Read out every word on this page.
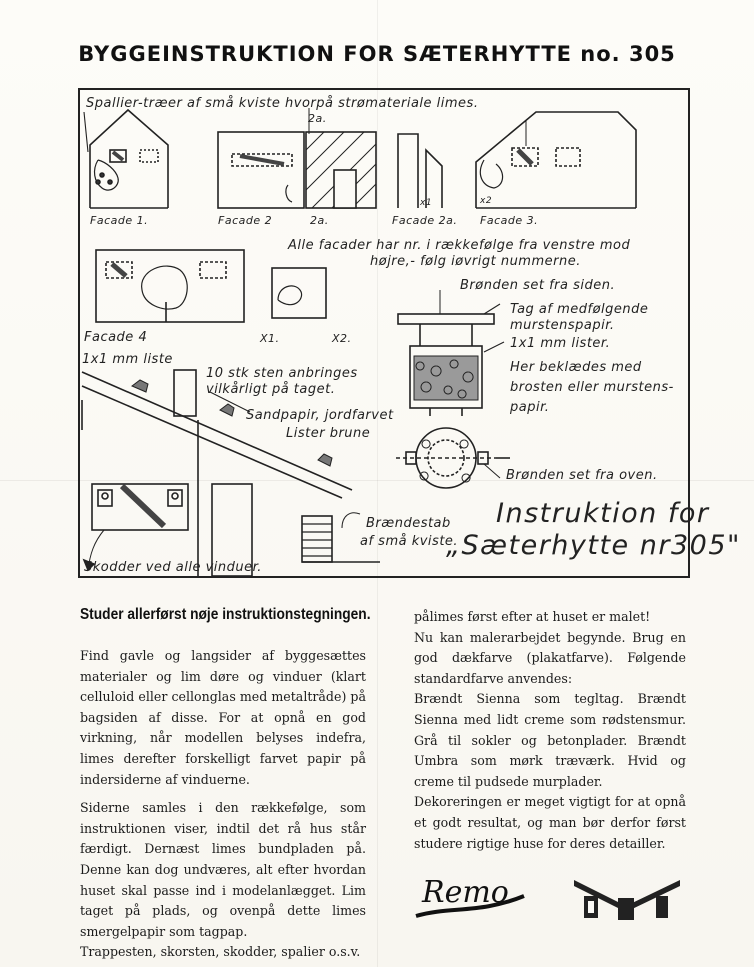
BYGGEINSTRUKTION FOR SÆTERHYTTE no. 305
Spallier-træer af små kviste hvorpå strømateriale limes.
2a.
Facade 1.	Facade 2	2a.	Facade 2a. Facade 3.
x1	x2
Alle facader har nr. i rækkefølge fra venstre mod
højre,- følg iøvrigt nummerne.
Brønden set fra siden.
Facade 4	X1.	X2.
1x1 mm liste
10 stk sten anbringes
vilkårligt på taget.
Sandpapir, jordfarvet
Lister brune
Tag af medfølgende
murstenspapir.
1x1 mm lister.
Her beklædes med
brosten eller murstens-
papir.
Brønden set fra oven.
Brændestab
af små kviste.
Instruktion for
„Sæterhytte nr305"
Skodder ved alle vinduer.
Studer allerførst nøje instruktionstegningen.

Find gavle og langsider af byggesættes materialer og lim døre og vinduer (klart celluloid eller cellonglas med metaltråde) på bagsiden af disse. For at opnå en god virkning, når modellen belyses indefra, limes derefter forskelligt farvet papir på indersiderne af vinduerne.

Siderne samles i den rækkefølge, som instruktionen viser, indtil det rå hus står færdigt. Dernæst limes bundpladen på. Denne kan dog undværes, alt efter hvordan huset skal passe ind i modelanlægget. Lim taget på plads, og ovenpå dette limes smergelpapir som tagpap.

Trappesten, skorsten, skodder, spalier o.s.v.

pålimes først efter at huset er malet!

Nu kan malerarbejdet begynde. Brug en god dækfarve (plakatfarve). Følgende standardfarve anvendes:

Brændt Sienna som tegltag. Brændt Sienna med lidt creme som rødstensmur. Grå til sokler og betonplader. Brændt Umbra som mørk træværk. Hvid og creme til pudsede murplader.

Dekoreringen er meget vigtigt for at opnå et godt resultat, og man bør derfor først studere rigtige huse for deres detailler.

Remo
